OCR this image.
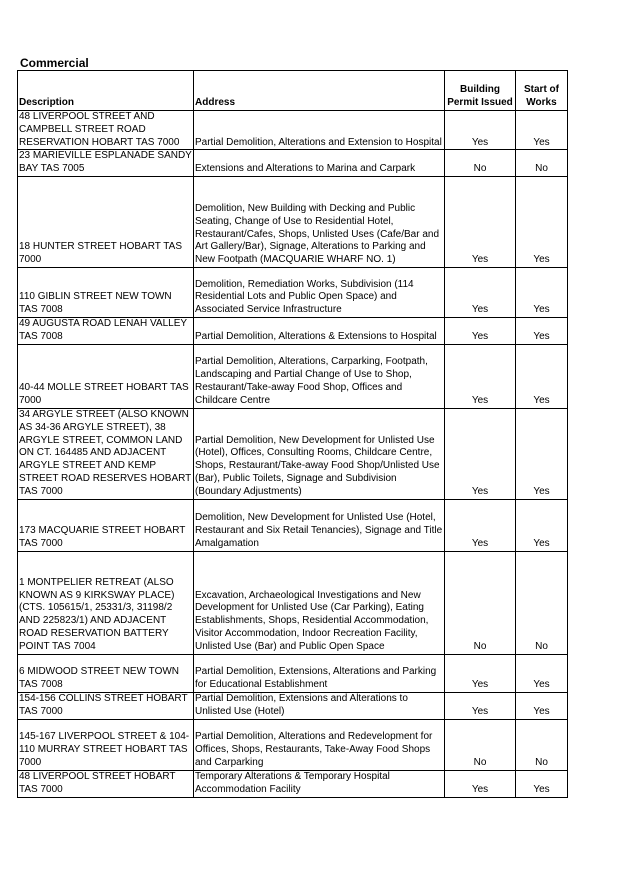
Commercial
Description	Address	Building Permit Issued	Start of Works
48 LIVERPOOL STREET AND CAMPBELL STREET ROAD RESERVATION HOBART TAS 7000	Partial Demolition, Alterations and Extension to Hospital	Yes	Yes
23 MARIEVILLE ESPLANADE SANDY BAY TAS 7005	Extensions and Alterations to Marina and Carpark	No	No
18 HUNTER STREET HOBART TAS 7000	Demolition, New Building with Decking and Public Seating, Change of Use to Residential Hotel, Restaurant/Cafes, Shops, Unlisted Uses (Cafe/Bar and Art Gallery/Bar), Signage, Alterations to Parking and New Footpath (MACQUARIE WHARF NO. 1)	Yes	Yes
110 GIBLIN STREET NEW TOWN TAS 7008	Demolition, Remediation Works, Subdivision (114 Residential Lots and Public Open Space) and Associated Service Infrastructure	Yes	Yes
49 AUGUSTA ROAD LENAH VALLEY TAS 7008	Partial Demolition, Alterations & Extensions to Hospital	Yes	Yes
40-44 MOLLE STREET HOBART TAS 7000	Partial Demolition, Alterations, Carparking, Footpath, Landscaping and Partial Change of Use to Shop, Restaurant/Take-away Food Shop, Offices and Childcare Centre	Yes	Yes
34 ARGYLE STREET (ALSO KNOWN AS 34-36 ARGYLE STREET), 38 ARGYLE STREET, COMMON LAND ON CT. 164485 AND ADJACENT ARGYLE STREET AND KEMP STREET ROAD RESERVES HOBART TAS 7000	Partial Demolition, New Development for Unlisted Use (Hotel), Offices, Consulting Rooms, Childcare Centre, Shops, Restaurant/Take-away Food Shop/Unlisted Use (Bar), Public Toilets, Signage and Subdivision (Boundary Adjustments)	Yes	Yes
173 MACQUARIE STREET HOBART TAS 7000	Demolition, New Development for Unlisted Use (Hotel, Restaurant and Six Retail Tenancies), Signage and Title Amalgamation	Yes	Yes
1 MONTPELIER RETREAT (ALSO KNOWN AS 9 KIRKSWAY PLACE) (CTS. 105615/1, 25331/3, 31198/2 AND 225823/1) AND ADJACENT ROAD RESERVATION BATTERY POINT TAS 7004	Excavation, Archaeological Investigations and New Development for Unlisted Use (Car Parking), Eating Establishments, Shops, Residential Accommodation, Visitor Accommodation, Indoor Recreation Facility, Unlisted Use (Bar) and Public Open Space	No	No
6 MIDWOOD STREET NEW TOWN TAS 7008	Partial Demolition, Extensions, Alterations and Parking for Educational Establishment	Yes	Yes
154-156 COLLINS STREET HOBART TAS 7000	Partial Demolition, Extensions and Alterations to Unlisted Use (Hotel)	Yes	Yes
145-167 LIVERPOOL STREET & 104-110 MURRAY STREET HOBART TAS 7000	Partial Demolition, Alterations and Redevelopment for Offices, Shops, Restaurants, Take-Away Food Shops and Carparking	No	No
48 LIVERPOOL STREET HOBART TAS 7000	Temporary Alterations & Temporary Hospital Accommodation Facility	Yes	Yes
